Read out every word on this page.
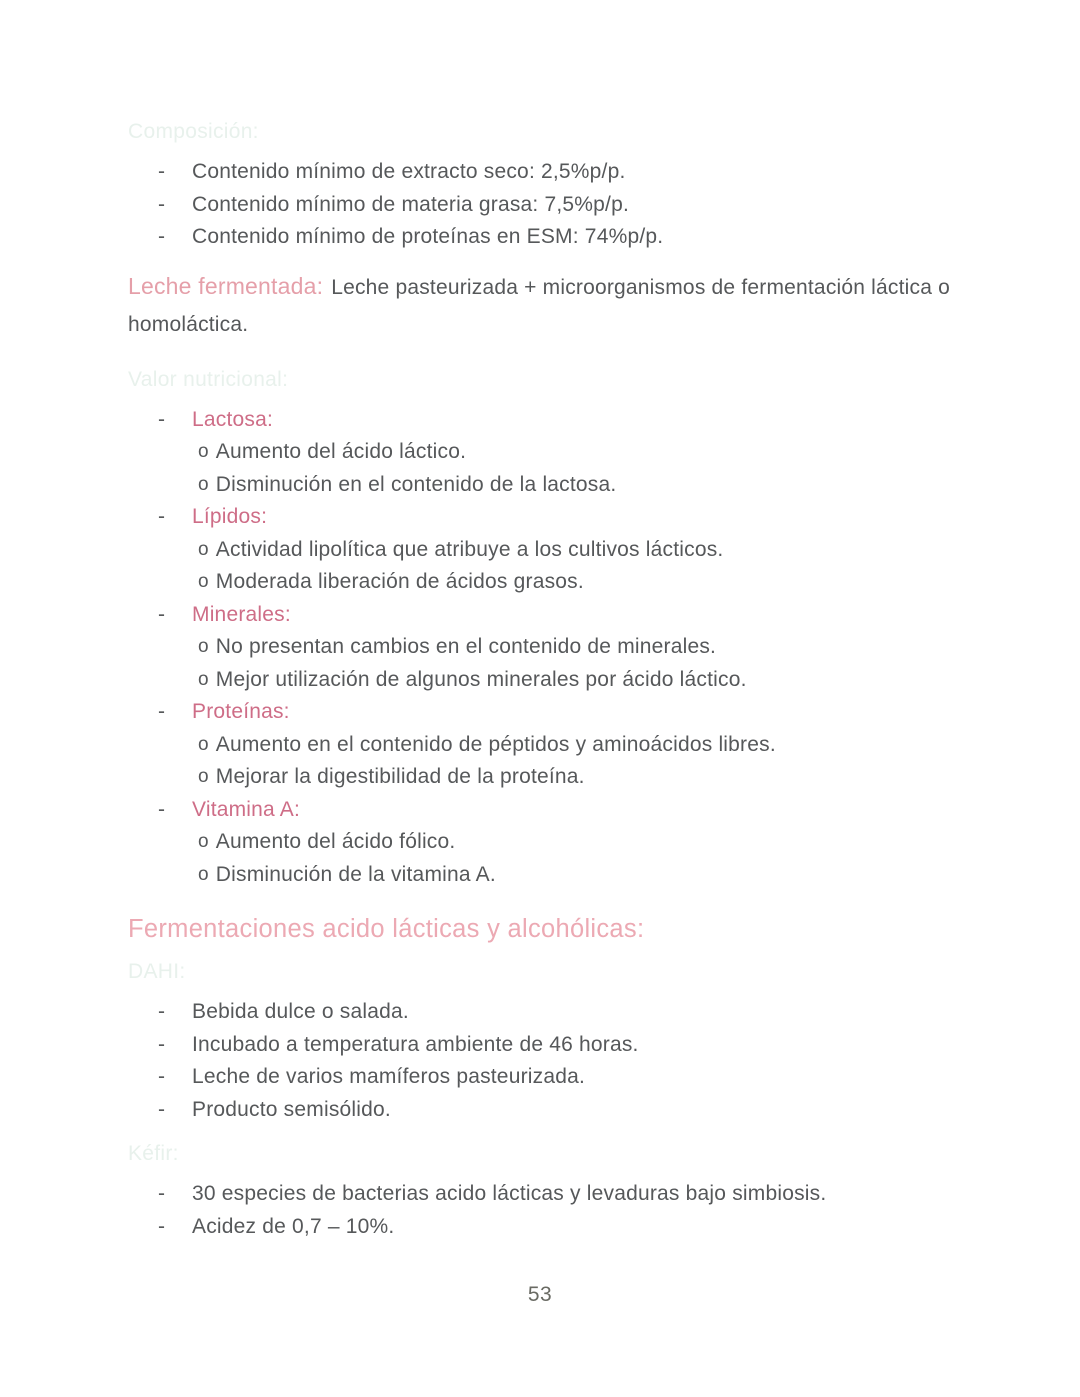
Composición:
-	Contenido mínimo de extracto seco: 2,5%p/p.
-	Contenido mínimo de materia grasa: 7,5%p/p.
-	Contenido mínimo de proteínas en ESM: 74%p/p.

Leche fermentada: Leche pasteurizada + microorganismos de fermentación láctica o homoláctica.

Valor nutricional:
-	Lactosa:
o Aumento del ácido láctico.
o Disminución en el contenido de la lactosa.
-	Lípidos:
o Actividad lipolítica que atribuye a los cultivos lácticos.
o Moderada liberación de ácidos grasos.
-	Minerales:
o No presentan cambios en el contenido de minerales.
o Mejor utilización de algunos minerales por ácido láctico.
-	Proteínas:
o Aumento en el contenido de péptidos y aminoácidos libres.
o Mejorar la digestibilidad de la proteína.
-	Vitamina A:
o Aumento del ácido fólico.
o Disminución de la vitamina A.
Fermentaciones acido lácticas y alcohólicas:
DAHI:
-	Bebida dulce o salada.
-	Incubado a temperatura ambiente de 46 horas.
-	Leche de varios mamíferos pasteurizada.
-	Producto semisólido.
Kéfir:
-	30 especies de bacterias acido lácticas y levaduras bajo simbiosis.
-	Acidez de 0,7 – 10%.
53
